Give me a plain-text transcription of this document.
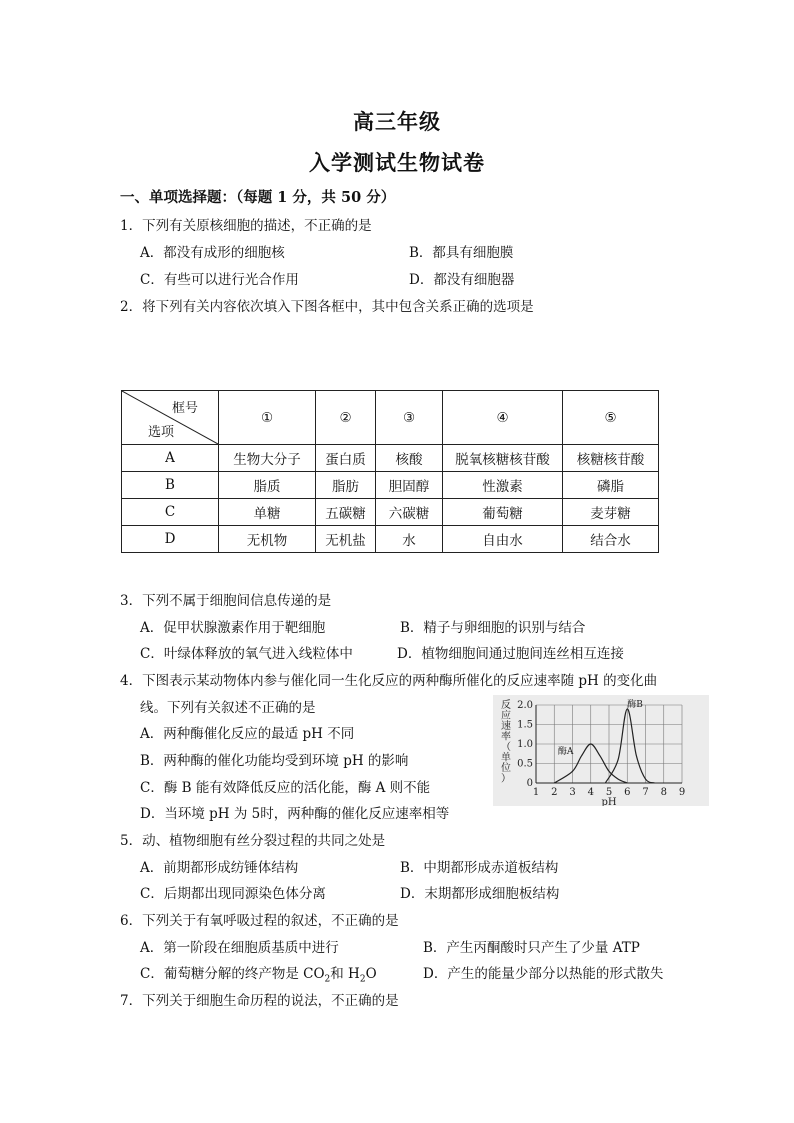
高三年级
入学测试生物试卷
一、单项选择题：（每题 1 分，共 50 分）
1．下列有关原核细胞的描述，不正确的是
A．都没有成形的细胞核	B．都具有细胞膜
C．有些可以进行光合作用	D．都没有细胞器
2．将下列有关内容依次填入下图各框中，其中包含关系正确的选项是
框号
选项	①	②	③	④	⑤
A	生物大分子	蛋白质	核酸	脱氧核糖核苷酸	核糖核苷酸
B	脂质	脂肪	胆固醇	性激素	磷脂
C	单糖	五碳糖	六碳糖	葡萄糖	麦芽糖
D	无机物	无机盐	水	自由水	结合水
3．下列不属于细胞间信息传递的是
A．促甲状腺激素作用于靶细胞	B．精子与卵细胞的识别与结合
C．叶绿体释放的氧气进入线粒体中	D．植物细胞间通过胞间连丝相互连接
4．下图表示某动物体内参与催化同一生化反应的两种酶所催化的反应速率随 pH 的变化曲
线。下列有关叙述不正确的是
A．两种酶催化反应的最适 pH 不同
B．两种酶的催化功能均受到环境 pH 的影响
C．酶 B 能有效降低反应的活化能，酶 A 则不能
D．当环境 pH 为 5时，两种酶的催化反应速率相等
2.0
1.5
1.0
0.5
0
1 2 3 4 5 6 7 8 9
pH
反
应
速
率
（
单
位
）
酶A
酶B
5．动、植物细胞有丝分裂过程的共同之处是
A．前期都形成纺锤体结构	B．中期都形成赤道板结构
C．后期都出现同源染色体分离	D．末期都形成细胞板结构
6．下列关于有氧呼吸过程的叙述，不正确的是
A．第一阶段在细胞质基质中进行	B．产生丙酮酸时只产生了少量 ATP
C．葡萄糖分解的终产物是 $CO_2$和 $H_2O$	D．产生的能量少部分以热能的形式散失
7．下列关于细胞生命历程的说法，不正确的是
